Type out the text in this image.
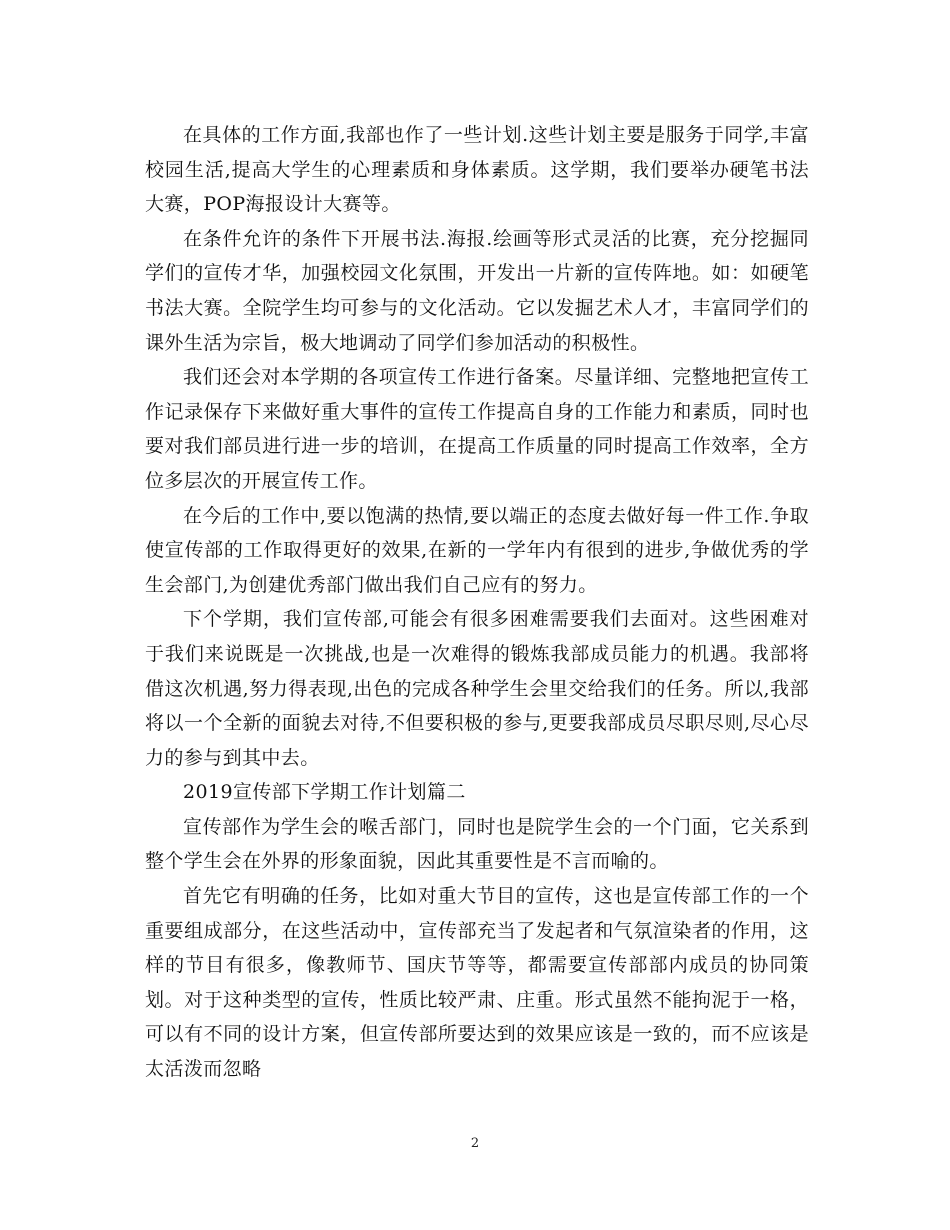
在具体的工作方面,我部也作了一些计划.这些计划主要是服务于同学,丰富校园生活,提高大学生的心理素质和身体素质。这学期，我们要举办硬笔书法大赛，POP海报设计大赛等。

在条件允许的条件下开展书法.海报.绘画等形式灵活的比赛，充分挖掘同学们的宣传才华，加强校园文化氛围，开发出一片新的宣传阵地。如：如硬笔书法大赛。全院学生均可参与的文化活动。它以发掘艺术人才，丰富同学们的课外生活为宗旨，极大地调动了同学们参加活动的积极性。

我们还会对本学期的各项宣传工作进行备案。尽量详细、完整地把宣传工作记录保存下来做好重大事件的宣传工作提高自身的工作能力和素质，同时也要对我们部员进行进一步的培训，在提高工作质量的同时提高工作效率，全方位多层次的开展宣传工作。

在今后的工作中,要以饱满的热情,要以端正的态度去做好每一件工作.争取使宣传部的工作取得更好的效果,在新的一学年内有很到的进步,争做优秀的学生会部门,为创建优秀部门做出我们自己应有的努力。

下个学期，我们宣传部,可能会有很多困难需要我们去面对。这些困难对于我们来说既是一次挑战,也是一次难得的锻炼我部成员能力的机遇。我部将借这次机遇,努力得表现,出色的完成各种学生会里交给我们的任务。所以,我部将以一个全新的面貌去对待,不但要积极的参与,更要我部成员尽职尽则,尽心尽力的参与到其中去。

2019宣传部下学期工作计划篇二

宣传部作为学生会的喉舌部门，同时也是院学生会的一个门面，它关系到整个学生会在外界的形象面貌，因此其重要性是不言而喻的。

首先它有明确的任务，比如对重大节目的宣传，这也是宣传部工作的一个重要组成部分，在这些活动中，宣传部充当了发起者和气氛渲染者的作用，这样的节目有很多，像教师节、国庆节等等，都需要宣传部部内成员的协同策划。对于这种类型的宣传，性质比较严肃、庄重。形式虽然不能拘泥于一格，可以有不同的设计方案，但宣传部所要达到的效果应该是一致的，而不应该是太活泼而忽略

2
